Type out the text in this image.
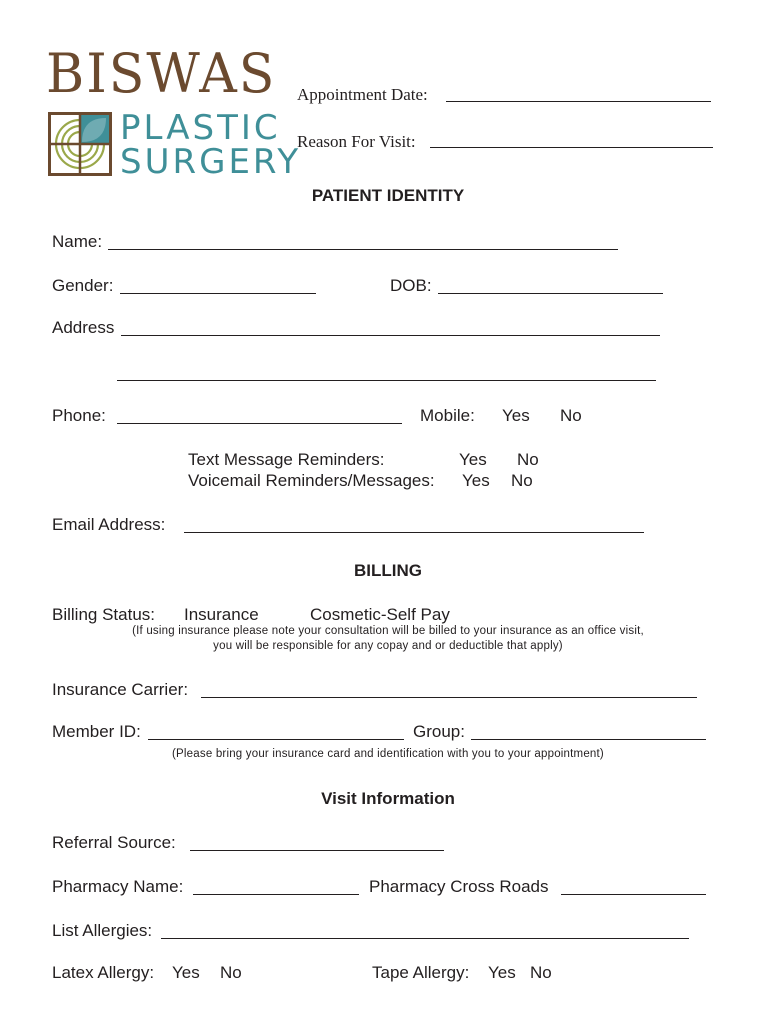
BISWAS
PLASTIC
SURGERY
Appointment Date:
Reason For Visit:
PATIENT IDENTITY
Name:
Gender:	DOB:
Address
Phone:	Mobile: Yes No
Text Message Reminders:	Yes No
Voicemail Reminders/Messages: Yes No
Email Address:
BILLING
Billing Status: Insurance	Cosmetic-Self Pay
(If using insurance please note your consultation will be billed to your insurance as an office visit,
you will be responsible for any copay and or deductible that apply)
Insurance Carrier:
Member ID:	Group:
(Please bring your insurance card and identification with you to your appointment)
Visit Information
Referral Source:
Pharmacy Name:	Pharmacy Cross Roads
List Allergies:
Latex Allergy: Yes No	Tape Allergy: Yes No
